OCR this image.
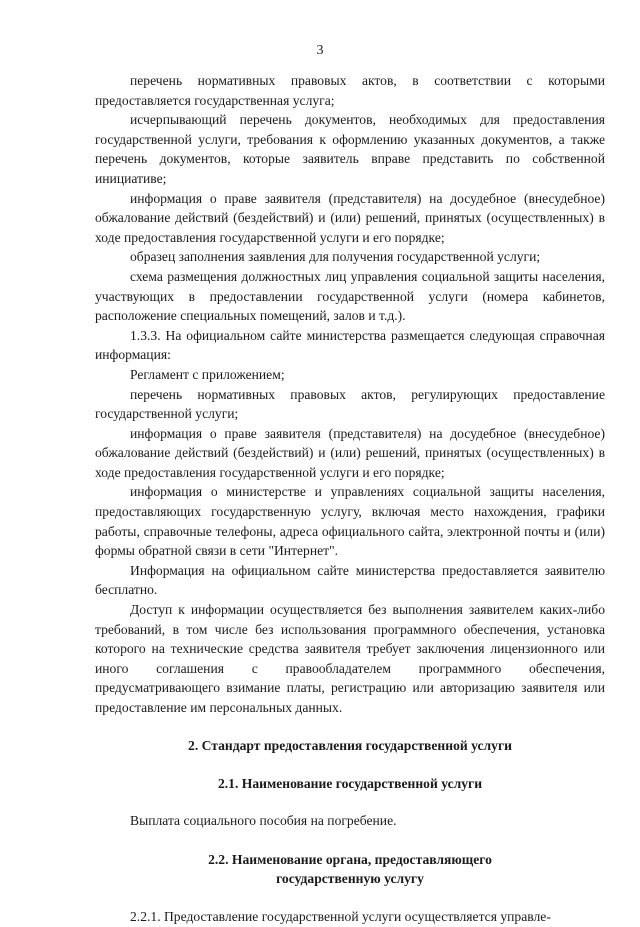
3

перечень нормативных правовых актов, в соответствии с которыми предоставляется государственная услуга;

исчерпывающий перечень документов, необходимых для предоставления государственной услуги, требования к оформлению указанных документов, а также перечень документов, которые заявитель вправе представить по собственной инициативе;

информация о праве заявителя (представителя) на досудебное (внесудебное) обжалование действий (бездействий) и (или) решений, принятых (осуществленных) в ходе предоставления государственной услуги и его порядке;

образец заполнения заявления для получения государственной услуги;

схема размещения должностных лиц управления социальной защиты населения, участвующих в предоставлении государственной услуги (номера кабинетов, расположение специальных помещений, залов и т.д.).

1.3.3. На официальном сайте министерства размещается следующая справочная информация:

Регламент с приложением;

перечень нормативных правовых актов, регулирующих предоставление государственной услуги;

информация о праве заявителя (представителя) на досудебное (внесудебное) обжалование действий (бездействий) и (или) решений, принятых (осуществленных) в ходе предоставления государственной услуги и его порядке;

информация о министерстве и управлениях социальной защиты населения, предоставляющих государственную услугу, включая место нахождения, графики работы, справочные телефоны, адреса официального сайта, электронной почты и (или) формы обратной связи в сети "Интернет".

Информация на официальном сайте министерства предоставляется заявителю бесплатно.

Доступ к информации осуществляется без выполнения заявителем каких-либо требований, в том числе без использования программного обеспечения, установка которого на технические средства заявителя требует заключения лицензионного или иного соглашения с правообладателем программного обеспечения, предусматривающего взимание платы, регистрацию или авторизацию заявителя или предоставление им персональных данных.

2. Стандарт предоставления государственной услуги

2.1. Наименование государственной услуги

Выплата социального пособия на погребение.

2.2. Наименование органа, предоставляющего

государственную услугу

2.2.1. Предоставление государственной услуги осуществляется управле-
